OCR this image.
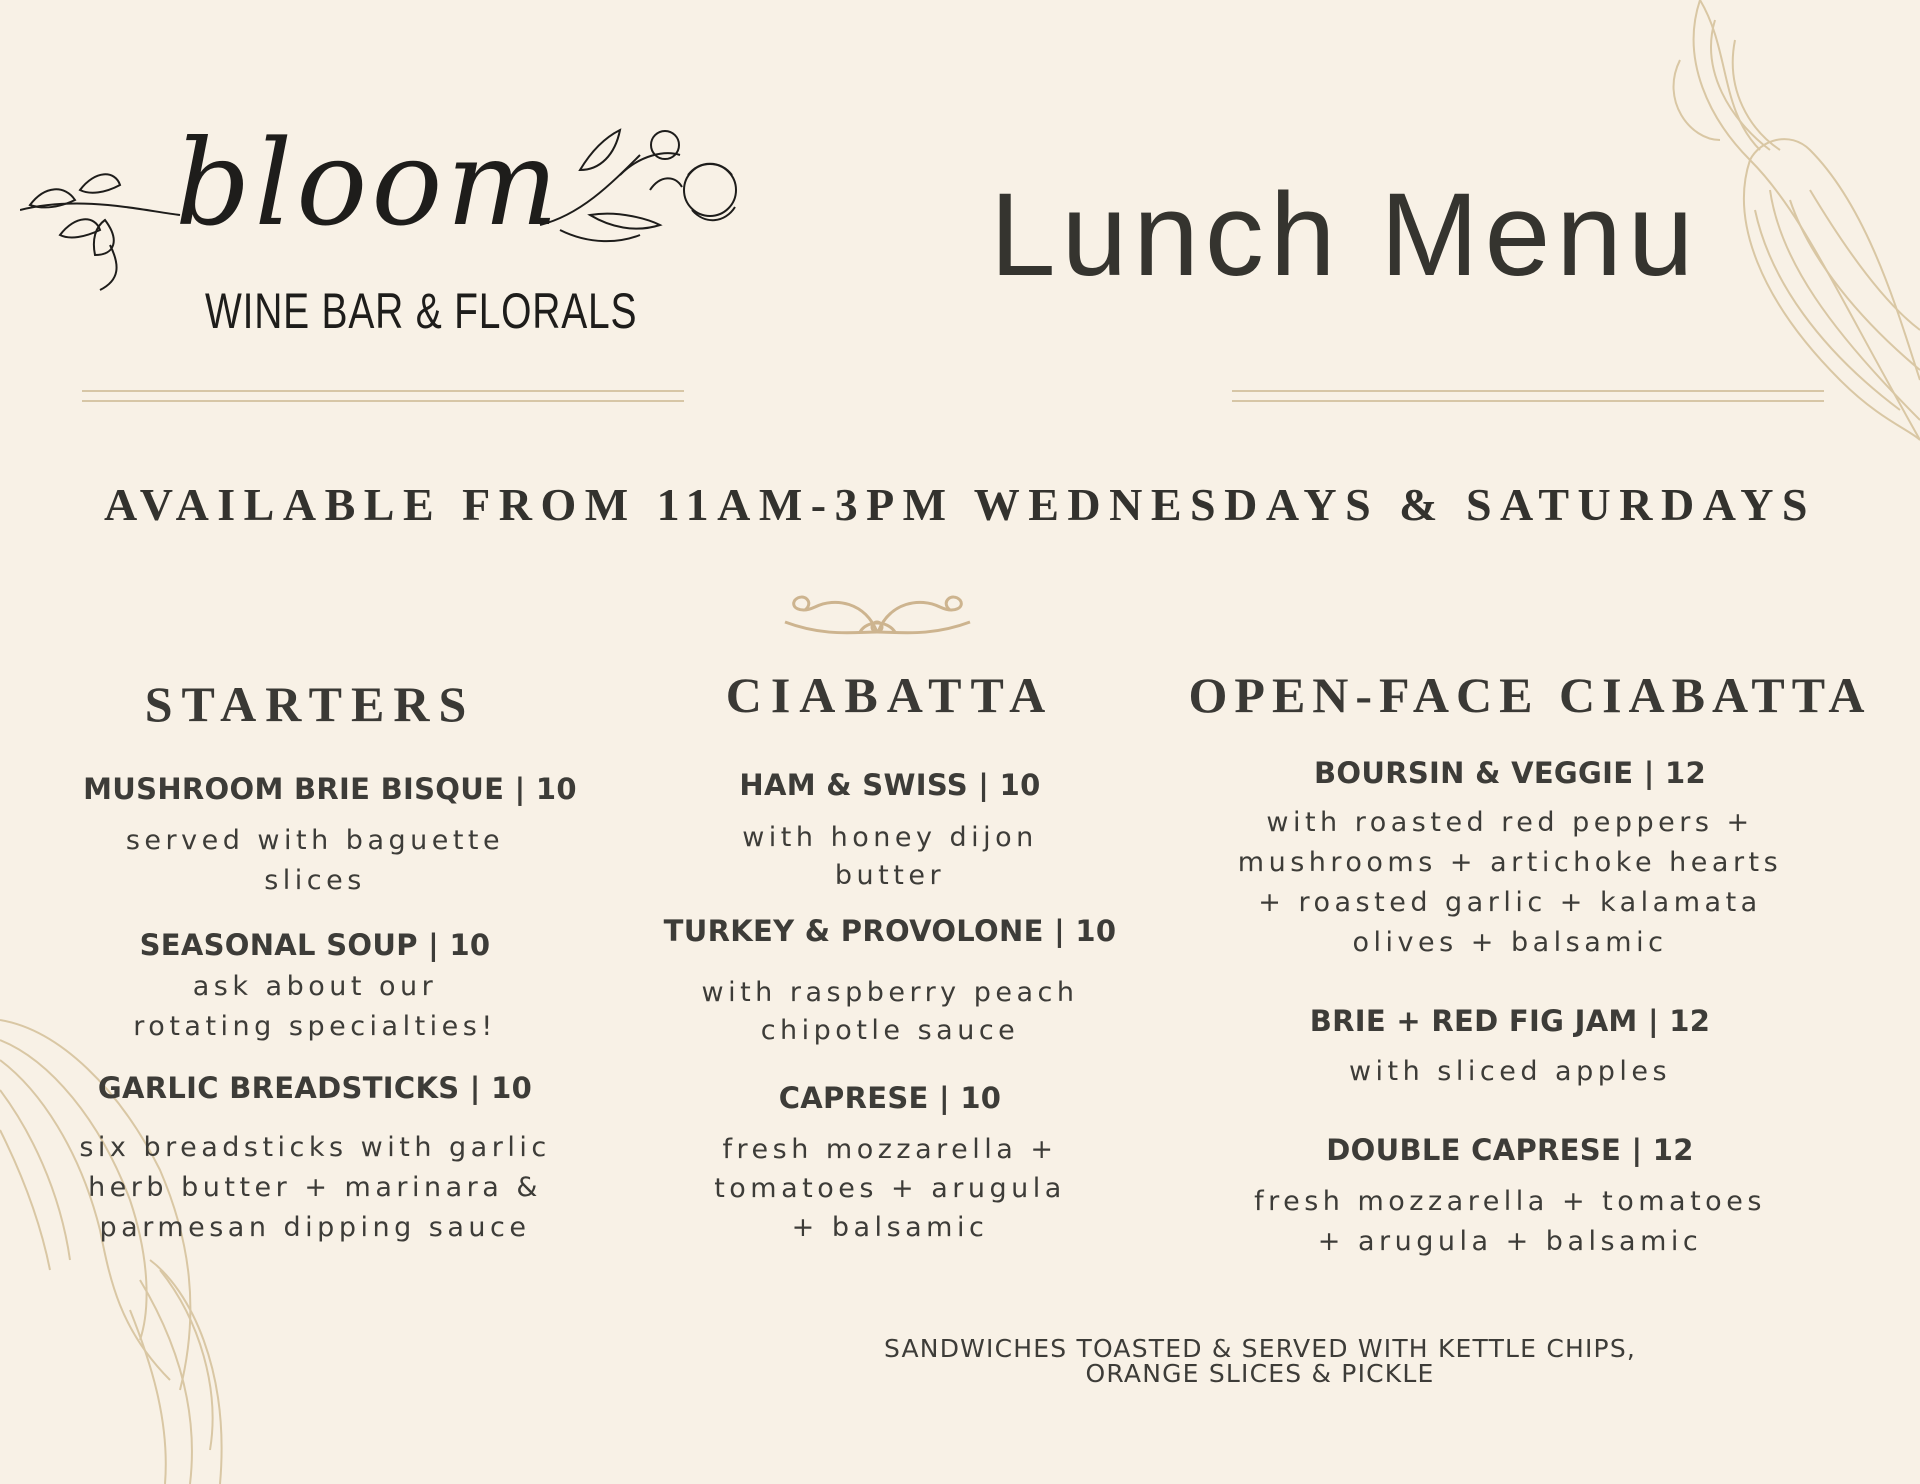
bloom
WINE BAR & FLORALS
Lunch Menu
AVAILABLE FROM 11AM-3PM WEDNESDAYS & SATURDAYS
STARTERS
MUSHROOM BRIE BISQUE | 10
served with baguette
slices
SEASONAL SOUP | 10
ask about our
rotating specialties!
GARLIC BREADSTICKS | 10
six breadsticks with garlic
herb butter + marinara &
parmesan dipping sauce
CIABATTA
HAM & SWISS | 10
with honey dijon
butter
TURKEY & PROVOLONE | 10
with raspberry peach
chipotle sauce
CAPRESE | 10
fresh mozzarella +
tomatoes + arugula
+ balsamic
OPEN-FACE CIABATTA
BOURSIN & VEGGIE | 12
with roasted red peppers +
mushrooms + artichoke hearts
+ roasted garlic + kalamata
olives + balsamic
BRIE + RED FIG JAM | 12
with sliced apples
DOUBLE CAPRESE | 12
fresh mozzarella + tomatoes
+ arugula + balsamic
SANDWICHES TOASTED & SERVED WITH KETTLE CHIPS,
ORANGE SLICES & PICKLE
